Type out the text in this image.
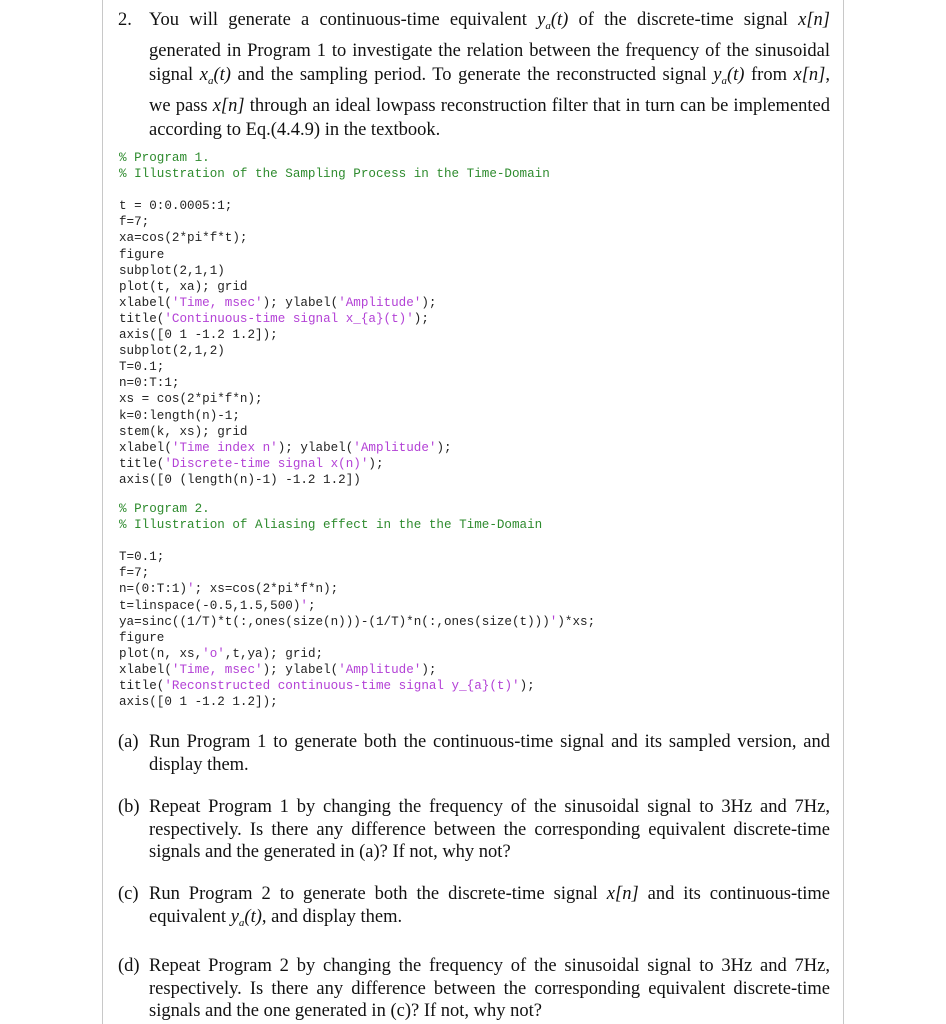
2. You will generate a continuous-time equivalent $y_a(t)$ of the discrete-time signal x[n] generated in Program 1 to investigate the relation between the frequency of the sinusoidal signal $x_a(t)$ and the sampling period. To generate the reconstructed signal $y_a(t)$ from x[n], we pass x[n] through an ideal lowpass reconstruction filter that in turn can be implemented according to Eq.(4.4.9) in the textbook.
% Program 1.
% Illustration of the Sampling Process in the Time-Domain

t = 0:0.0005:1;
f=7;
xa=cos(2*pi*f*t);
figure
subplot(2,1,1)
plot(t, xa); grid
xlabel('Time, msec'); ylabel('Amplitude');
title('Continuous-time signal x_{a}(t)');
axis([0 1 -1.2 1.2]);
subplot(2,1,2)
T=0.1;
n=0:T:1;
xs = cos(2*pi*f*n);
k=0:length(n)-1;
stem(k, xs); grid
xlabel('Time index n'); ylabel('Amplitude');
title('Discrete-time signal x(n)');
axis([0 (length(n)-1) -1.2 1.2])
% Program 2.
% Illustration of Aliasing effect in the the Time-Domain

T=0.1;
f=7;
n=(0:T:1)'; xs=cos(2*pi*f*n);
t=linspace(-0.5,1.5,500)';
ya=sinc((1/T)*t(:,ones(size(n)))-(1/T)*n(:,ones(size(t)))')*xs;
figure
plot(n, xs,'o',t,ya); grid;
xlabel('Time, msec'); ylabel('Amplitude');
title('Reconstructed continuous-time signal y_{a}(t)');
axis([0 1 -1.2 1.2]);
(a) Run Program 1 to generate both the continuous-time signal and its sampled version, and display them.
(b) Repeat Program 1 by changing the frequency of the sinusoidal signal to 3Hz and 7Hz, respectively. Is there any difference between the corresponding equivalent discrete-time signals and the generated in (a)? If not, why not?
(c) Run Program 2 to generate both the discrete-time signal x[n] and its continuous-time equivalent $y_a(t)$, and display them.
(d) Repeat Program 2 by changing the frequency of the sinusoidal signal to 3Hz and 7Hz, respectively. Is there any difference between the corresponding equivalent discrete-time signals and the one generated in (c)? If not, why not?
